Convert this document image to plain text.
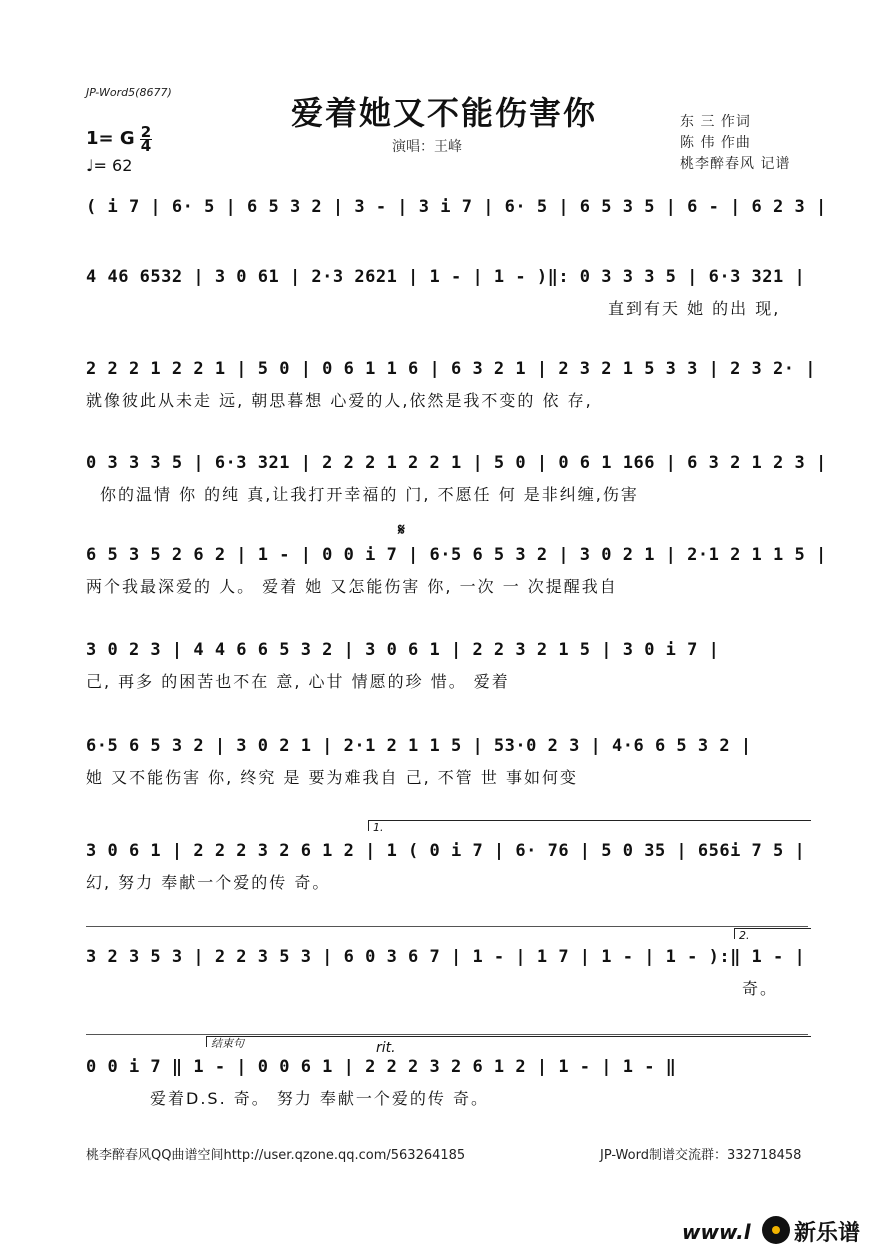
JP-Word5(8677)
爱着她又不能伤害你
演唱：王峰
东 三 作词
陈 伟 作曲
桃李醉春风 记谱
1= G 2
4
♩= 62
( i 7 | 6· 5 | 6 5 3 2 | 3 - | 3 i 7 | 6· 5 | 6 5 3 5 | 6 - | 6 2 3 |
4 46 6532 | 3 0 61 | 2·3 2621 | 1 - | 1 - )‖: 0 3 3 3 5 | 6·3 321 |
直到有天 她 的出 现,
2 2 2 1 2 2 1 | 5 0 | 0 6 1 1 6 | 6 3 2 1 | 2 3 2 1 5 3 3 | 2 3 2· |
就像彼此从未走 远, 朝思暮想 心爱的人,依然是我不变的 依 存,
0 3 3 3 5 | 6·3 321 | 2 2 2 1 2 2 1 | 5 0 | 0 6 1 166 | 6 3 2 1 2 3 |
你的温情 你 的纯 真,让我打开幸福的 门, 不愿任 何 是非纠缠,伤害
𝄋
6 5 3 5 2 6 2 | 1 - | 0 0 i 7 | 6·5 6 5 3 2 | 3 0 2 1 | 2·1 2 1 1 5 |
两个我最深爱的 人。 爱着 她 又怎能伤害 你, 一次 一 次提醒我自
3 0 2 3 | 4 4 6 6 5 3 2 | 3 0 6 1 | 2 2 3 2 1 5 | 3 0 i 7 |
己, 再多 的困苦也不在 意, 心甘 情愿的珍 惜。 爱着
6·5 6 5 3 2 | 3 0 2 1 | 2·1 2 1 1 5 | 53·0 2 3 | 4·6 6 5 3 2 |
她 又不能伤害 你, 终究 是 要为难我自 己, 不管 世 事如何变
1.
3 0 6 1 | 2 2 2 3 2 6 1 2 | 1 ( 0 i 7 | 6· 76 | 5 0 35 | 656i 7 5 |
幻, 努力 奉献一个爱的传 奇。
2.
3 2 3 5 3 | 2 2 3 5 3 | 6 0 3 6 7 | 1 - | 1 7 | 1 - | 1 - ):‖ 1 - |
奇。
结束句	rit.
0 0 i 7 ‖ 1 - | 0 0 6 1 | 2 2 2 3 2 6 1 2 | 1 - | 1 - ‖
爱着D.S. 奇。 努力 奉献一个爱的传 奇。
桃李醉春风QQ曲谱空间http://user.qzone.qq.com/563264185	JP-Word制谱交流群：332718458
www.l 新乐谱
